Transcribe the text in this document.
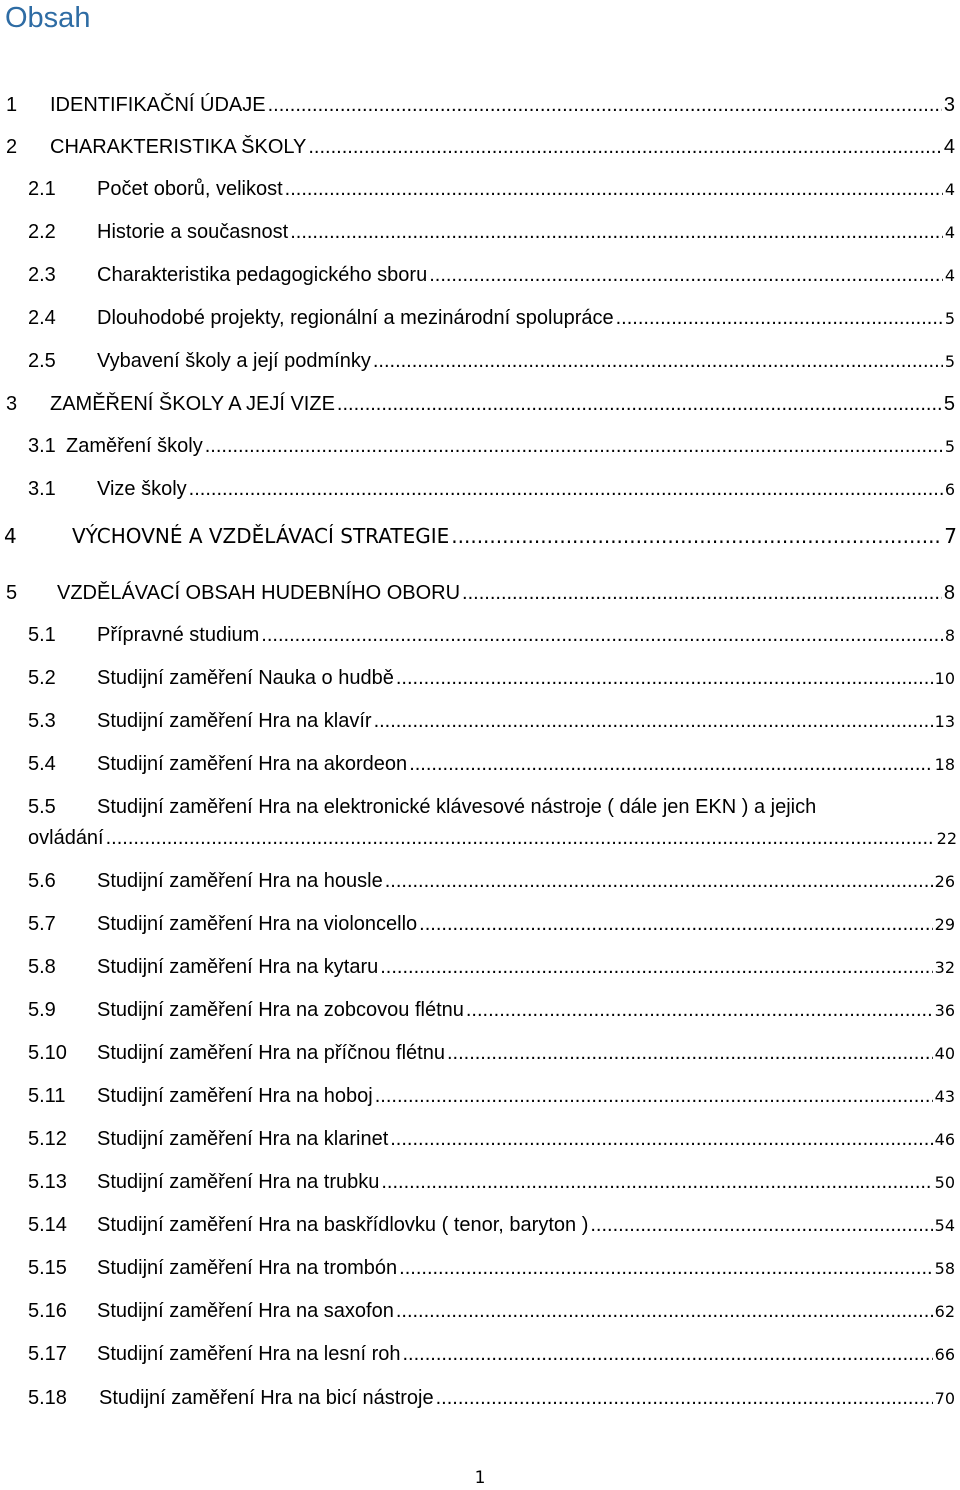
Obsah
1 IDENTIFIKAČNÍ ÚDAJE .....	3
2 CHARAKTERISTIKA ŠKOLY .....	4
2.1 Počet oborů, velikost .....	4
2.2 Historie a současnost .....	4
2.3 Charakteristika pedagogického sboru .....	4
2.4 Dlouhodobé projekty, regionální a mezinárodní spolupráce .....	5
2.5 Vybavení školy a její podmínky .....	5
3 ZAMĚŘENÍ ŠKOLY A JEJÍ VIZE .....	5
3.1 Zaměření školy .....	5
3.1 Vize školy .....	6
4	VÝCHOVNÉ A VZDĚLÁVACÍ STRATEGIE .....	7
5 VZDĚLÁVACÍ OBSAH HUDEBNÍHO OBORU .....	8
5.1 Přípravné studium .....	8
5.2 Studijní zaměření Nauka o hudbě .....	10
5.3 Studijní zaměření Hra na klavír .....	13
5.4 Studijní zaměření Hra na akordeon .....	18
5.5 Studijní zaměření Hra na elektronické klávesové nástroje ( dále jen EKN ) a jejich
ovládání .....	22
5.6 Studijní zaměření Hra na housle .....	26
5.7 Studijní zaměření Hra na violoncello .....	29
5.8 Studijní zaměření Hra na kytaru .....	32
5.9 Studijní zaměření Hra na zobcovou flétnu .....	36
5.10 Studijní zaměření Hra na příčnou flétnu .....	40
5.11 Studijní zaměření Hra na hoboj .....	43
5.12 Studijní zaměření Hra na klarinet .....	46
5.13 Studijní zaměření Hra na trubku .....	50
5.14 Studijní zaměření Hra na baskřídlovku ( tenor, baryton ) .....	54
5.15 Studijní zaměření Hra na trombón .....	58
5.16 Studijní zaměření Hra na saxofon .....	62
5.17 Studijní zaměření Hra na lesní roh .....	66
5.18 Studijní zaměření Hra na bicí nástroje .....	70
1
